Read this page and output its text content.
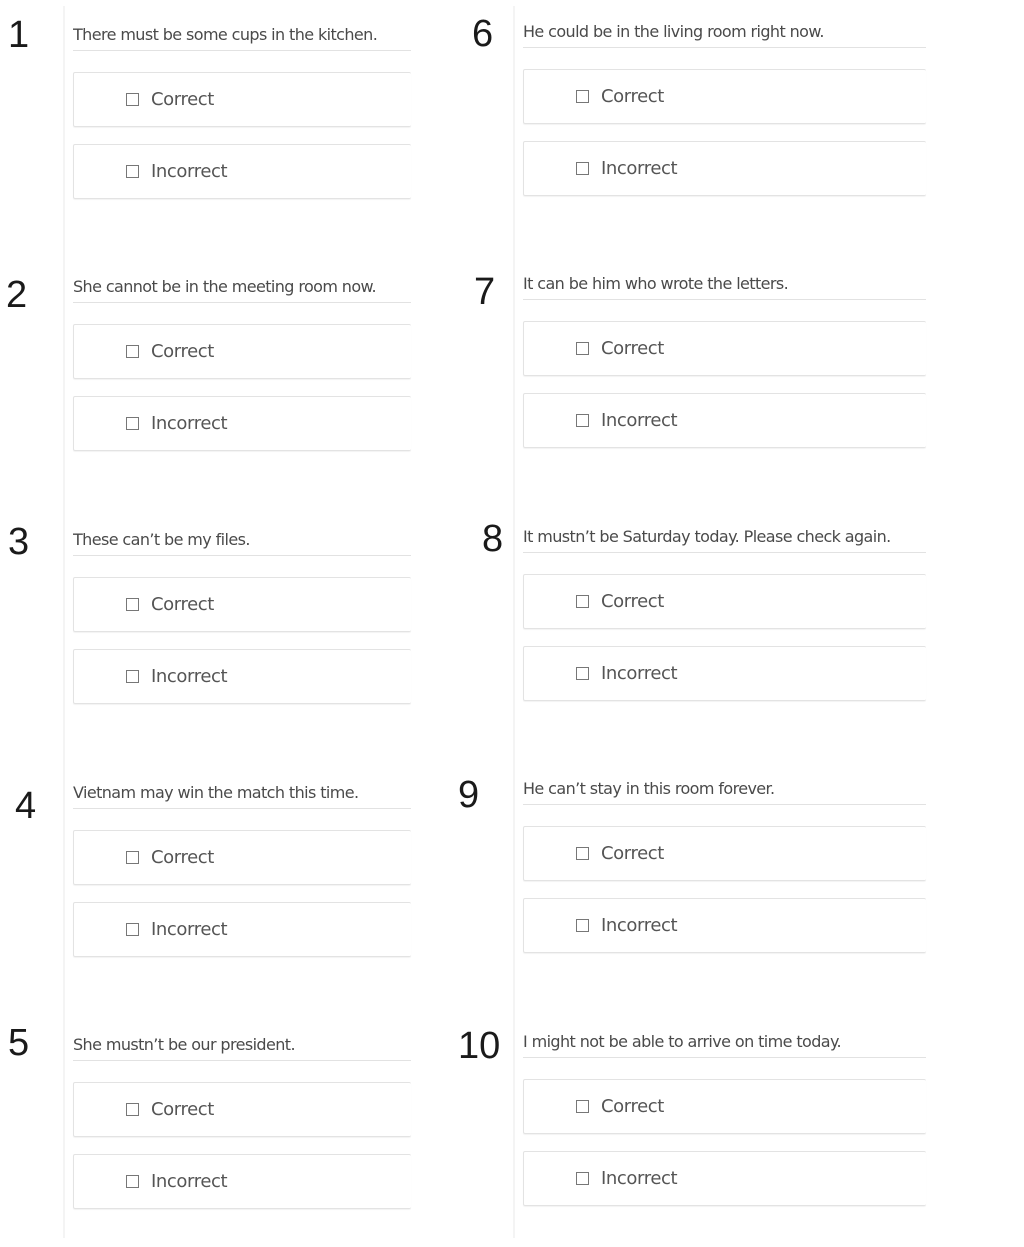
1	There must be some cups in the kitchen.
Correct
Incorrect
2	She cannot be in the meeting room now.
Correct
Incorrect
3	These can’t be my files.
Correct
Incorrect
4 Vietnam may win the match this time.
Correct
Incorrect
5	She mustn’t be our president.
Correct
Incorrect
6 He could be in the living room right now.
Correct
Incorrect
7 It can be him who wrote the letters.
Correct
Incorrect
8 It mustn’t be Saturday today. Please check again.
Correct
Incorrect
9	He can’t stay in this room forever.
Correct
Incorrect
10 I might not be able to arrive on time today.
Correct
Incorrect
